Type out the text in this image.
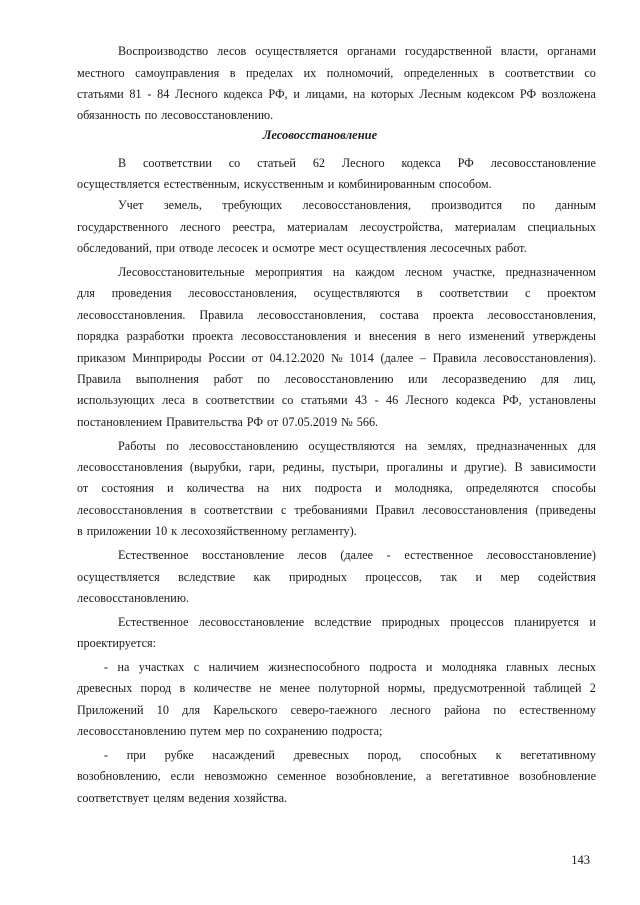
Лесовосстановление
Воспроизводство лесов осуществляется органами государственной власти, органами
местного самоуправления в пределах их полномочий, определенных в соответствии со
статьями 81 - 84 Лесного кодекса РФ, и лицами, на которых Лесным кодексом РФ возложена
обязанность по лесовосстановлению.
В соответствии со статьей 62 Лесного кодекса РФ лесовосстановление
осуществляется естественным, искусственным и комбинированным способом.
Учет земель, требующих лесовосстановления, производится по данным
государственного лесного реестра, материалам лесоустройства, материалам специальных
обследований, при отводе лесосек и осмотре мест осуществления лесосечных работ.
Лесовосстановительные мероприятия на каждом лесном участке, предназначенном
для проведения лесовосстановления, осуществляются в соответствии с проектом
лесовосстановления. Правила лесовосстановления, состава проекта лесовосстановления,
порядка разработки проекта лесовосстановления и внесения в него изменений утверждены
приказом Минприроды России от 04.12.2020 № 1014 (далее – Правила лесовосстановления).
Правила выполнения работ по лесовосстановлению или лесоразведению для лиц,
использующих леса в соответствии со статьями 43 - 46 Лесного кодекса РФ, установлены
постановлением Правительства РФ от 07.05.2019 № 566.
Работы по лесовосстановлению осуществляются на землях, предназначенных для
лесовосстановления (вырубки, гари, редины, пустыри, прогалины и другие). В зависимости
от состояния и количества на них подроста и молодняка, определяются способы
лесовосстановления в соответствии с требованиями Правил лесовосстановления (приведены
в приложении 10 к лесохозяйственному регламенту).
Естественное восстановление лесов (далее - естественное лесовосстановление)
осуществляется вследствие как природных процессов, так и мер содействия
лесовосстановлению.
Естественное лесовосстановление вследствие природных процессов планируется и
проектируется:
- на участках с наличием жизнеспособного подроста и молодняка главных лесных
древесных пород в количестве не менее полуторной нормы, предусмотренной таблицей 2
Приложений 10 для Карельского северо-таежного лесного района по естественному
лесовосстановлению путем мер по сохранению подроста;
- при рубке насаждений древесных пород, способных к вегетативному
возобновлению, если невозможно семенное возобновление, а вегетативное возобновление
соответствует целям ведения хозяйства.
143
